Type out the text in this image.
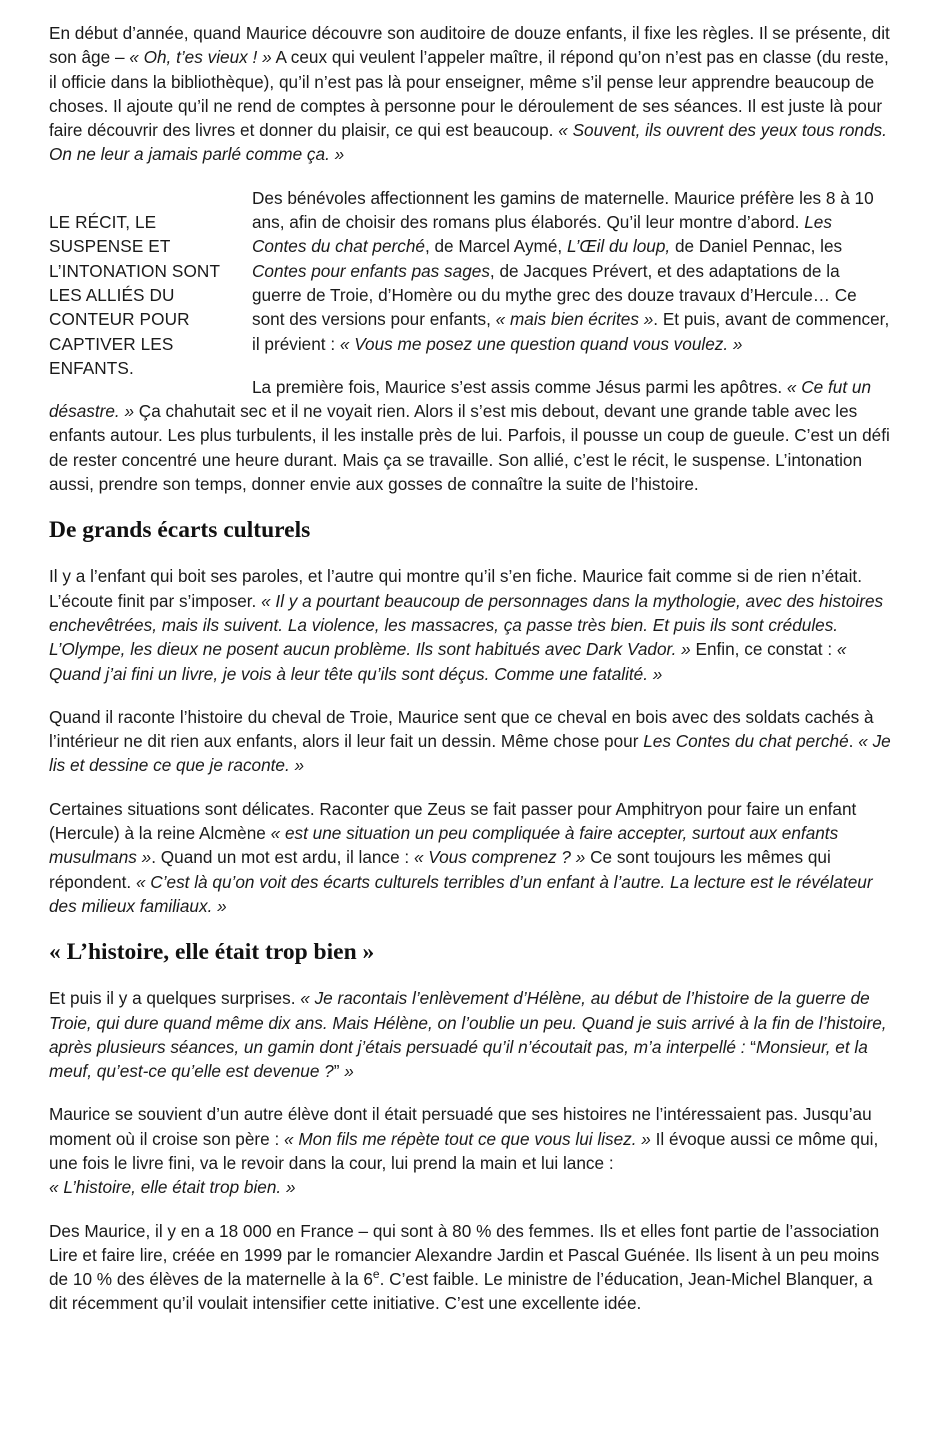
En début d’année, quand Maurice découvre son auditoire de douze enfants, il fixe les règles. Il se présente, dit son âge – « Oh, t’es vieux ! » A ceux qui veulent l’appeler maître, il répond qu’on n’est pas en classe (du reste, il officie dans la bibliothèque), qu’il n’est pas là pour enseigner, même s’il pense leur apprendre beaucoup de choses. Il ajoute qu’il ne rend de comptes à personne pour le déroulement de ses séances. Il est juste là pour faire découvrir des livres et donner du plaisir, ce qui est beaucoup. « Souvent, ils ouvrent des yeux tous ronds. On ne leur a jamais parlé comme ça. »

LE RÉCIT, LE SUSPENSE ET L’INTONATION SONT LES ALLIÉS DU CONTEUR POUR CAPTIVER LES ENFANTS.

Des bénévoles affectionnent les gamins de maternelle. Maurice préfère les 8 à 10 ans, afin de choisir des romans plus élaborés. Qu’il leur montre d’abord. Les Contes du chat perché, de Marcel Aymé, L’Œil du loup, de Daniel Pennac, les Contes pour enfants pas sages, de Jacques Prévert, et des adaptations de la guerre de Troie, d’Homère ou du mythe grec des douze travaux d’Hercule… Ce sont des versions pour enfants, « mais bien écrites ». Et puis, avant de commencer, il prévient : « Vous me posez une question quand vous voulez. »

La première fois, Maurice s’est assis comme Jésus parmi les apôtres. « Ce fut un désastre. » Ça chahutait sec et il ne voyait rien. Alors il s’est mis debout, devant une grande table avec les enfants autour. Les plus turbulents, il les installe près de lui. Parfois, il pousse un coup de gueule. C’est un défi de rester concentré une heure durant. Mais ça se travaille. Son allié, c’est le récit, le suspense. L’intonation aussi, prendre son temps, donner envie aux gosses de connaître la suite de l’histoire.

De grands écarts culturels

Il y a l’enfant qui boit ses paroles, et l’autre qui montre qu’il s’en fiche. Maurice fait comme si de rien n’était. L’écoute finit par s’imposer. « Il y a pourtant beaucoup de personnages dans la mythologie, avec des histoires enchevêtrées, mais ils suivent. La violence, les massacres, ça passe très bien. Et puis ils sont crédules. L’Olympe, les dieux ne posent aucun problème. Ils sont habitués avec Dark Vador. » Enfin, ce constat : « Quand j’ai fini un livre, je vois à leur tête qu’ils sont déçus. Comme une fatalité. »

Quand il raconte l’histoire du cheval de Troie, Maurice sent que ce cheval en bois avec des soldats cachés à l’intérieur ne dit rien aux enfants, alors il leur fait un dessin. Même chose pour Les Contes du chat perché. « Je lis et dessine ce que je raconte. »

Certaines situations sont délicates. Raconter que Zeus se fait passer pour Amphitryon pour faire un enfant (Hercule) à la reine Alcmène « est une situation un peu compliquée à faire accepter, surtout aux enfants musulmans ». Quand un mot est ardu, il lance : « Vous comprenez ? » Ce sont toujours les mêmes qui répondent. « C’est là qu’on voit des écarts culturels terribles d’un enfant à l’autre. La lecture est le révélateur des milieux familiaux. »

« L’histoire, elle était trop bien »

Et puis il y a quelques surprises. « Je racontais l’enlèvement d’Hélène, au début de l’histoire de la guerre de Troie, qui dure quand même dix ans. Mais Hélène, on l’oublie un peu. Quand je suis arrivé à la fin de l’histoire, après plusieurs séances, un gamin dont j’étais persuadé qu’il n’écoutait pas, m’a interpellé : “Monsieur, et la meuf, qu’est-ce qu’elle est devenue ?” »

Maurice se souvient d’un autre élève dont il était persuadé que ses histoires ne l’intéressaient pas. Jusqu’au moment où il croise son père : « Mon fils me répète tout ce que vous lui lisez. » Il évoque aussi ce môme qui, une fois le livre fini, va le revoir dans la cour, lui prend la main et lui lance :
« L’histoire, elle était trop bien. »

Des Maurice, il y en a 18 000 en France – qui sont à 80 % des femmes. Ils et elles font partie de l’association Lire et faire lire, créée en 1999 par le romancier Alexandre Jardin et Pascal Guénée. Ils lisent à un peu moins de 10 % des élèves de la maternelle à la 6e. C’est faible. Le ministre de l’éducation, Jean-Michel Blanquer, a dit récemment qu’il voulait intensifier cette initiative. C’est une excellente idée.
